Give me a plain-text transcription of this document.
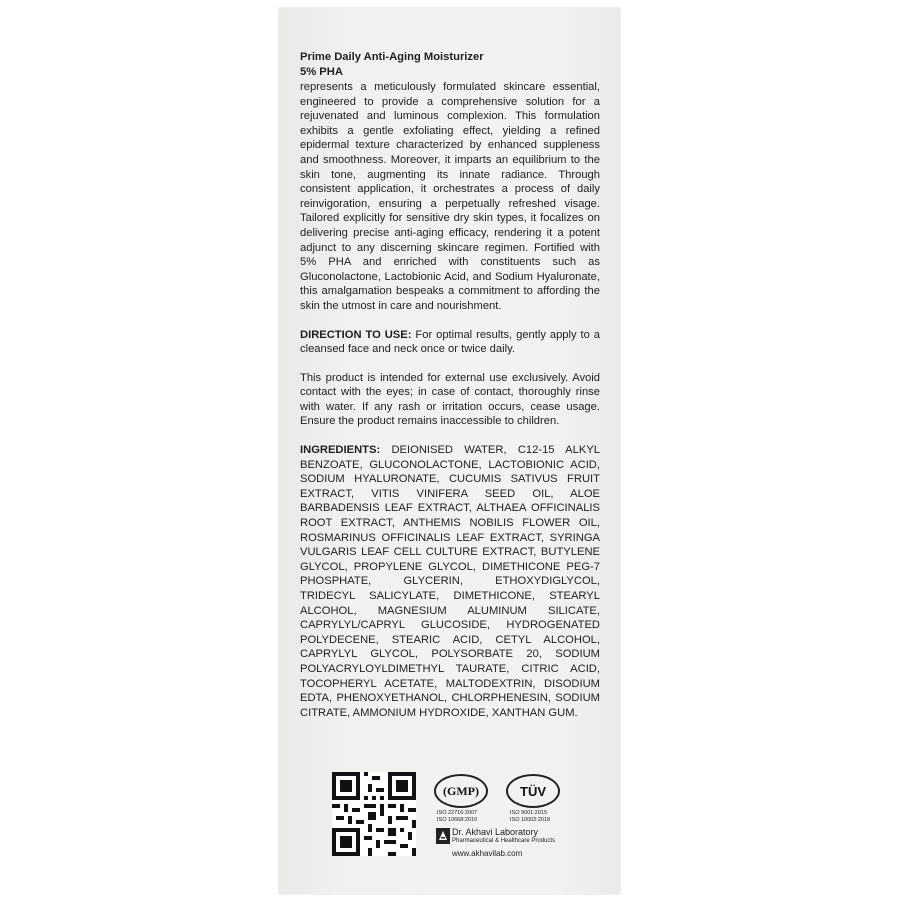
Prime Daily Anti-Aging Moisturizer
5% PHA

represents a meticulously formulated skincare essential, engineered to provide a comprehensive solution for a rejuvenated and luminous complexion. This formulation exhibits a gentle exfoliating effect, yielding a refined epidermal texture characterized by enhanced suppleness and smoothness. Moreover, it imparts an equilibrium to the skin tone, augmenting its innate radiance. Through consistent application, it orchestrates a process of daily reinvigoration, ensuring a perpetually refreshed visage. Tailored explicitly for sensitive dry skin types, it focalizes on delivering precise anti-aging efficacy, rendering it a potent adjunct to any discerning skincare regimen. Fortified with 5% PHA and enriched with constituents such as Gluconolactone, Lactobionic Acid, and Sodium Hyaluronate, this amalgamation bespeaks a commitment to affording the skin the utmost in care and nourishment.

DIRECTION TO USE: For optimal results, gently apply to a cleansed face and neck once or twice daily.

This product is intended for external use exclusively. Avoid contact with the eyes; in case of contact, thoroughly rinse with water. If any rash or irritation occurs, cease usage. Ensure the product remains inaccessible to children.

INGREDIENTS: DEIONISED WATER, C12-15 ALKYL BENZOATE, GLUCONOLACTONE, LACTOBIONIC ACID, SODIUM HYALURONATE, CUCUMIS SATIVUS FRUIT EXTRACT, VITIS VINIFERA SEED OIL, ALOE BARBADENSIS LEAF EXTRACT, ALTHAEA OFFICINALIS ROOT EXTRACT, ANTHEMIS NOBILIS FLOWER OIL, ROSMARINUS OFFICINALIS LEAF EXTRACT, SYRINGA VULGARIS LEAF CELL CULTURE EXTRACT, BUTYLENE GLYCOL, PROPYLENE GLYCOL, DIMETHICONE PEG-7 PHOSPHATE, GLYCERIN, ETHOXYDIGLYCOL, TRIDECYL SALICYLATE, DIMETHICONE, STEARYL ALCOHOL, MAGNESIUM ALUMINUM SILICATE, CAPRYLYL/CAPRYL GLUCOSIDE, HYDROGENATED POLYDECENE, STEARIC ACID, CETYL ALCOHOL, CAPRYLYL GLYCOL, POLYSORBATE 20, SODIUM POLYACRYLOYLDIMETHYL TAURATE, CITRIC ACID, TOCOPHERYL ACETATE, MALTODEXTRIN, DISODIUM EDTA, PHENOXYETHANOL, CHLORPHENESIN, SODIUM CITRATE, AMMONIUM HYDROXIDE, XANTHAN GUM.

( GMP )	TÜV
ISO 22716:2007
ISO 10668:2010
ISO 9001:2015
ISO 10002:2018
Dr. Akhavi Laboratory
Pharmaceutical & Healthcare Products
www.akhavilab.com
